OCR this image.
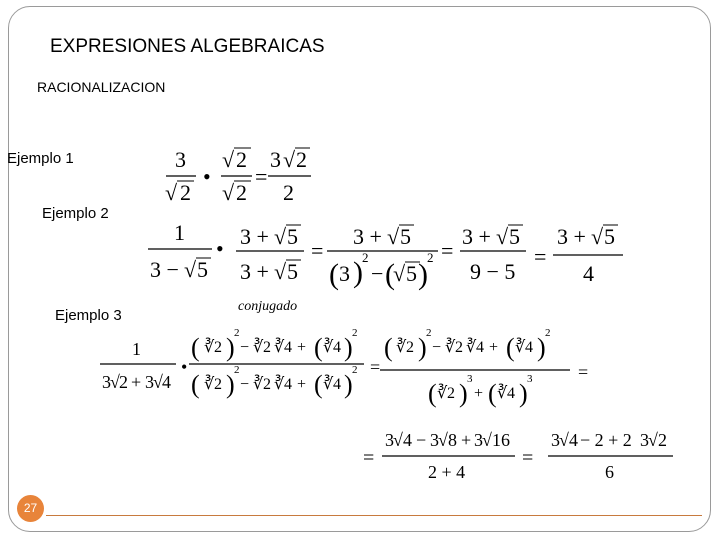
EXPRESIONES ALGEBRAICAS
RACIONALIZACION
Ejemplo 1
Ejemplo 2
Ejemplo 3
3
√ 2
•
√ 2
√ 2
=
3 √ 2
2
1
3 − √ 5
• 3 + √ 5
3 + √ 5
conjugado
=
3 + √ 5
( 3 ) 2
− (
√ 5 )
2 =
3 + √ 5
9 − 5
=
3 + √ 5
4
1
3 √ 2 + 3 √ 4
•
( ∛ 2 ) 2
− ∛ 2 ∛ 4 + ( ∛ 4 ) 2
( ∛ 2 ) 2
− ∛ 2 ∛ 4 + ( ∛ 4 ) 2 =
( ∛ 2 ) 2
− ∛ 2 ∛ 4 + ( ∛ 4 ) 2
( ∛ 2 ) 3
+ ( ∛ 4 ) 3	=
=
3 √ 4 − 3 √ 8 + 3 √ 16
2 + 4
=
3 √ 4 − 2 + 2 3 √ 2
6
27
